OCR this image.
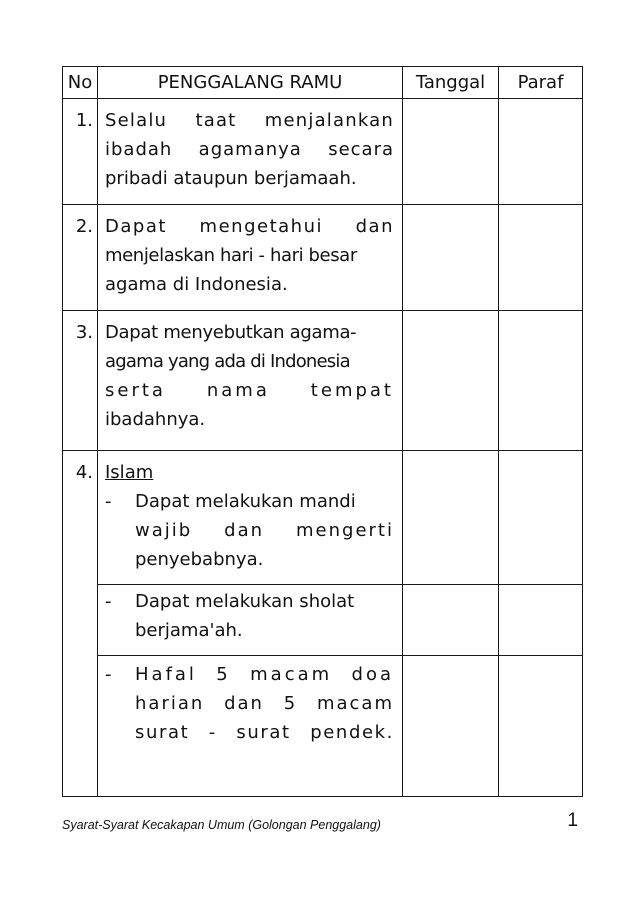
No	PENGGALANG RAMU	Tanggal	Paraf
1.	Selalu taat menjalankan
ibadah agamanya secara
pribadi ataupun berjamaah.		

2.	Dapat mengetahui dan
menjelaskan hari - hari besar
agama di Indonesia.		

3.	Dapat menyebutkan agama-
agama yang ada di Indonesia
serta nama tempat
ibadahnya.		

4.	Islam
- Dapat melakukan mandi
wajib dan mengerti
penyebabnya.		

	- Dapat melakukan sholat
berjama'ah.		

	- Hafal 5 macam doa
harian dan 5 macam
surat - surat pendek.		

Syarat-Syarat Kecakapan Umum (Golongan Penggalang)	1
